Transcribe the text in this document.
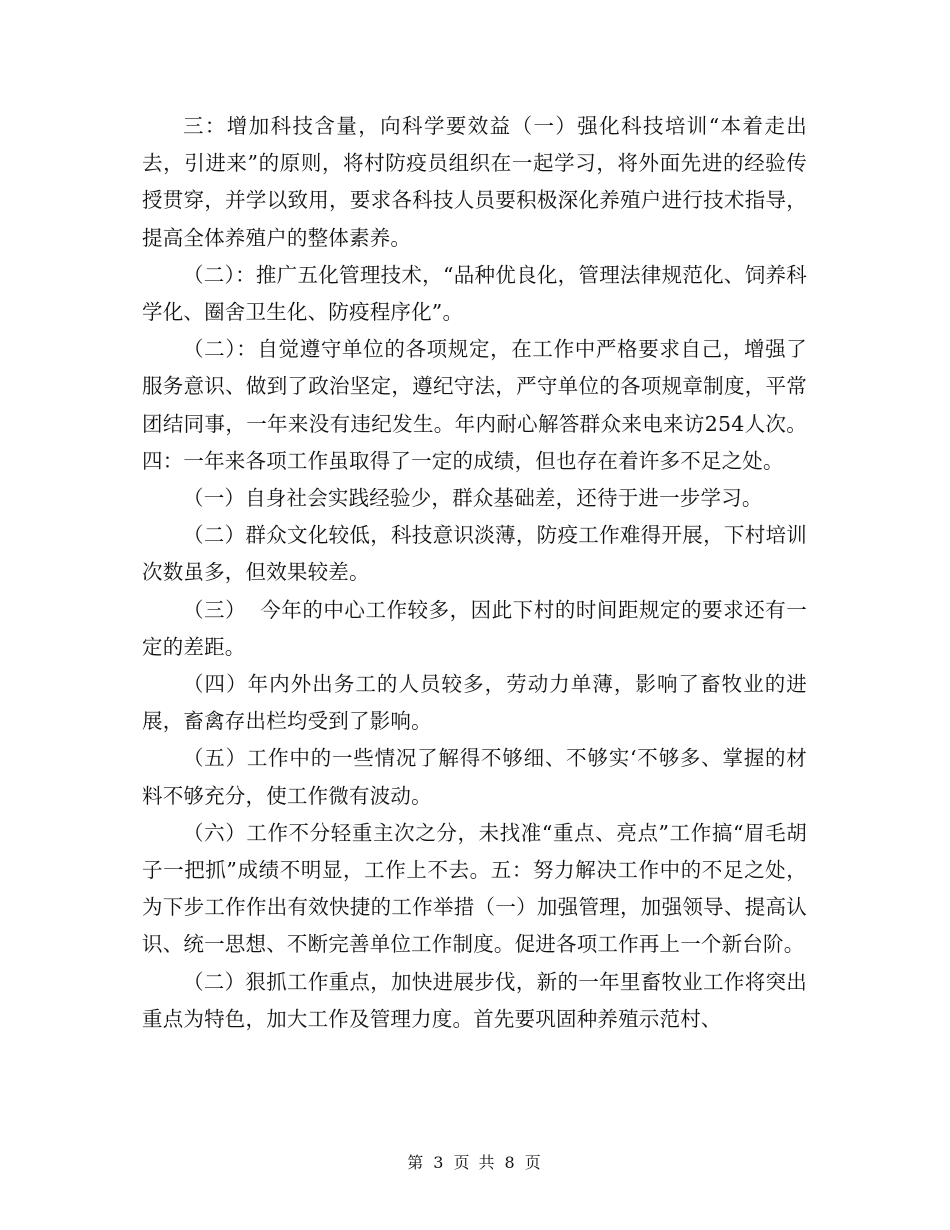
三：增加科技含量，向科学要效益（一）强化科技培训“本着走出去，引进来”的原则，将村防疫员组织在一起学习，将外面先进的经验传授贯穿，并学以致用，要求各科技人员要积极深化养殖户进行技术指导，提高全体养殖户的整体素养。

（二）：推广五化管理技术，“品种优良化，管理法律规范化、饲养科学化、圈舍卫生化、防疫程序化”。

（二）：自觉遵守单位的各项规定，在工作中严格要求自己，增强了服务意识、做到了政治坚定，遵纪守法，严守单位的各项规章制度，平常团结同事，一年来没有违纪发生。年内耐心解答群众来电来访254人次。四：一年来各项工作虽取得了一定的成绩，但也存在着许多不足之处。

（一）自身社会实践经验少，群众基础差，还待于进一步学习。

（二）群众文化较低，科技意识淡薄，防疫工作难得开展，下村培训次数虽多，但效果较差。

（三）  今年的中心工作较多，因此下村的时间距规定的要求还有一定的差距。

（四）年内外出务工的人员较多，劳动力单薄，影响了畜牧业的进展，畜禽存出栏均受到了影响。

（五）工作中的一些情况了解得不够细、不够实‘不够多、掌握的材料不够充分，使工作微有波动。

（六）工作不分轻重主次之分，未找准“重点、亮点”工作搞“眉毛胡子一把抓”成绩不明显，工作上不去。五：努力解决工作中的不足之处，为下步工作作出有效快捷的工作举措（一）加强管理，加强领导、提高认识、统一思想、不断完善单位工作制度。促进各项工作再上一个新台阶。

（二）狠抓工作重点，加快进展步伐，新的一年里畜牧业工作将突出重点为特色，加大工作及管理力度。首先要巩固种养殖示范村、

第 3 页 共 8 页
